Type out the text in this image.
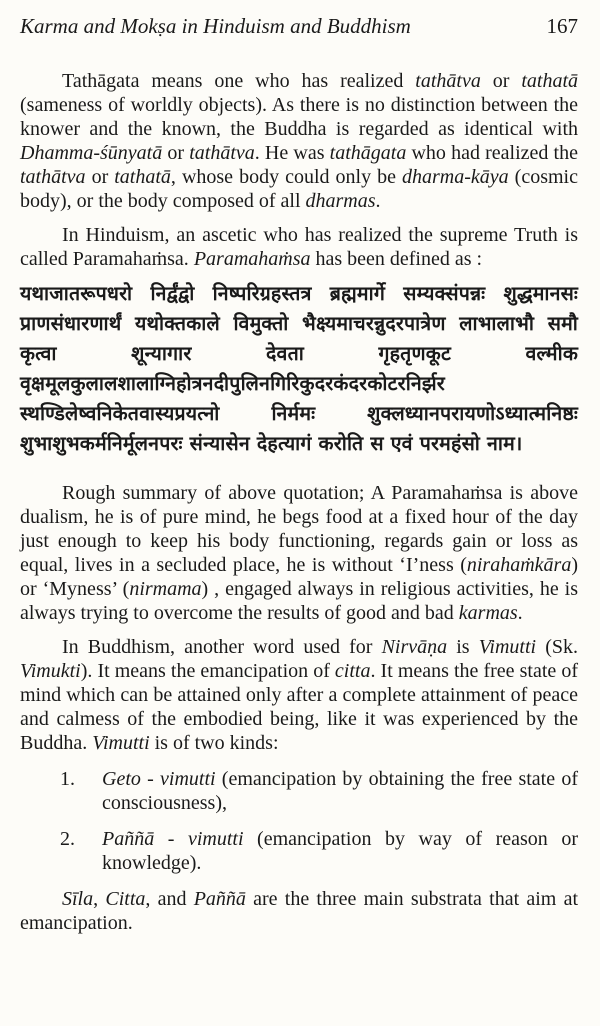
Karma and Mokṣa in Hinduism and Buddhism	167

Tathāgata means one who has realized tathātva or tathatā (sameness of worldly objects). As there is no distinction between the knower and the known, the Buddha is regarded as identical with Dhamma-śūnyatā or tathātva. He was tathāgata who had realized the tathātva or tathatā, whose body could only be dharma-kāya (cosmic body), or the body composed of all dharmas.

In Hinduism, an ascetic who has realized the supreme Truth is called Paramahaṁsa. Paramahaṁsa has been defined as :

यथाजातरूपधरो निर्द्वंद्वो निष्परिग्रहस्तत्र ब्रह्ममार्गे सम्यक्संपन्नः शुद्धमानसः प्राणसंधारणार्थं यथोक्तकाले विमुक्तो भैक्ष्यमाचरन्नुदरपात्रेण लाभालाभौ समौ कृत्वा शून्यागार देवता गृहतृणकूट वल्मीक वृक्षमूलकुलालशालाग्निहोत्रनदीपुलिनगिरिकुदरकंदरकोटरनिर्झर स्थण्डिलेष्वनिकेतवास्यप्रयत्नो निर्ममः शुक्लध्यानपरायणोऽध्यात्मनिष्ठः शुभाशुभकर्मनिर्मूलनपरः संन्यासेन देहत्यागं करोति स एवं परमहंसो नाम।

Rough summary of above quotation; A Paramahaṁsa is above dualism, he is of pure mind, he begs food at a fixed hour of the day just enough to keep his body functioning, regards gain or loss as equal, lives in a secluded place, he is without ‘I’ness (nirahaṁkāra) or ‘Myness’ (nirmama) , engaged always in religious activities, he is always trying to overcome the results of good and bad karmas.

In Buddhism, another word used for Nirvāṇa is Vimutti (Sk. Vimukti). It means the emancipation of citta. It means the free state of mind which can be attained only after a complete attainment of peace and calmess of the embodied being, like it was experienced by the Buddha. Vimutti is of two kinds:

1.	Geto - vimutti (emancipation by obtaining the free state of consciousness),
2.	Paññā - vimutti (emancipation by way of reason or knowledge).

Sīla, Citta, and Paññā are the three main substrata that aim at emancipation.
